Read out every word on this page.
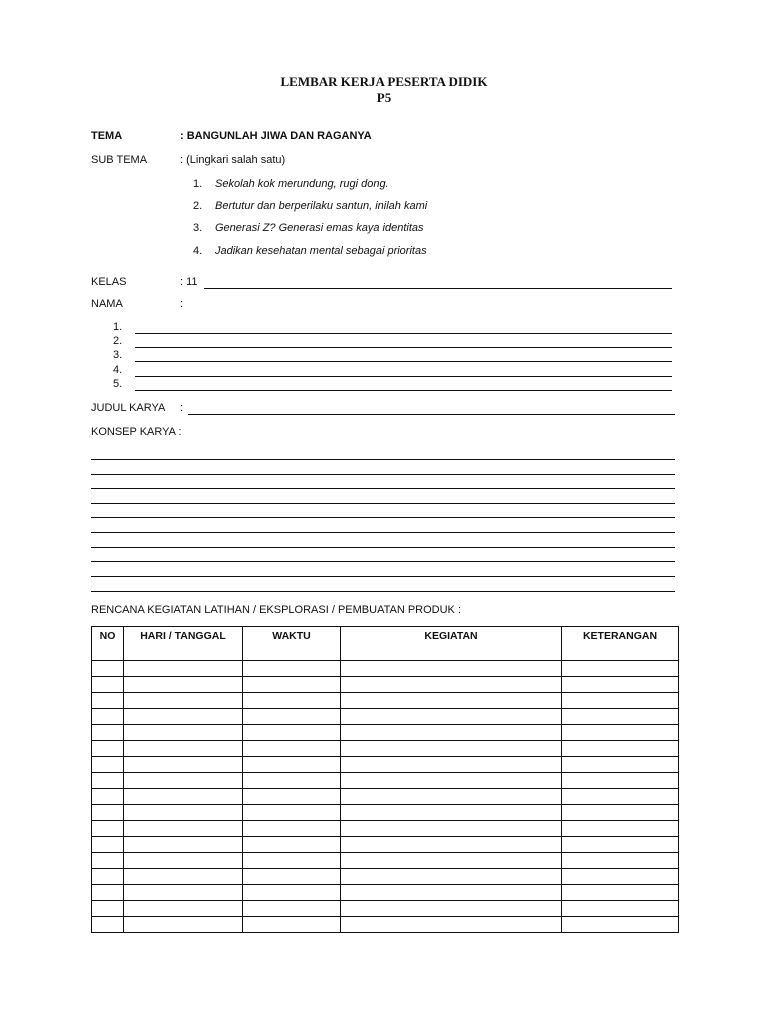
LEMBAR KERJA PESERTA DIDIK
P5
TEMA	: BANGUNLAH JIWA DAN RAGANYA
SUB TEMA	: (Lingkari salah satu)
1. Sekolah kok merundung, rugi dong.
2. Bertutur dan berperilaku santun, inilah kami
3. Generasi Z? Generasi emas kaya identitas
4. Jadikan kesehatan mental sebagai prioritas
KELAS	: 11
NAMA	:
1.
2.
3.
4.
5.
JUDUL KARYA :
KONSEP KARYA :
RENCANA KEGIATAN LATIHAN / EKSPLORASI / PEMBUATAN PRODUK :
NO	HARI / TANGGAL	WAKTU	KEGIATAN	KETERANGAN
